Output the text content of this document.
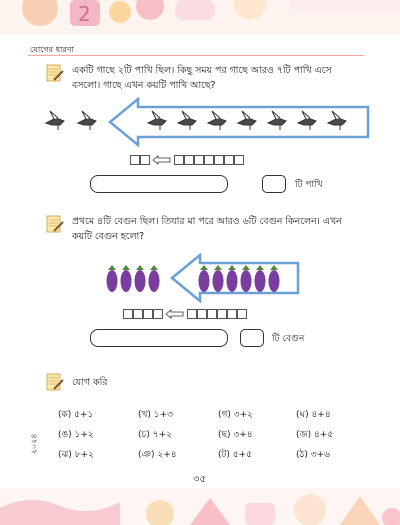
2
যোগের ধারণা
একটি গাছে ২টি পাখি ছিল। কিছু সময় পর গাছে আরও ৭টি পাখি এসে বসলো। গাছে এখন কয়টি পাখি আছে?
টি পাখি
প্রথমে ৪টি বেগুন ছিল। তিযার মা পরে আরও ৬টি বেগুন কিনলেন। এখন কয়টি বেগুন হলো?
টি বেগুন
যোগ করি
(ক) ৫+১	(খ) ১+৩	(গ) ৩+২	(ঘ) ৪+৪
(ঙ) ১+২	(চ) ৭+২	(ছ) ৩+৪	(জ) ৪+৫
(ঝ) ৮+২	(ঞ) ২+৪	(ট) ৫+৫	(ঠ) ৩+৬
২০২৪
৩৫
